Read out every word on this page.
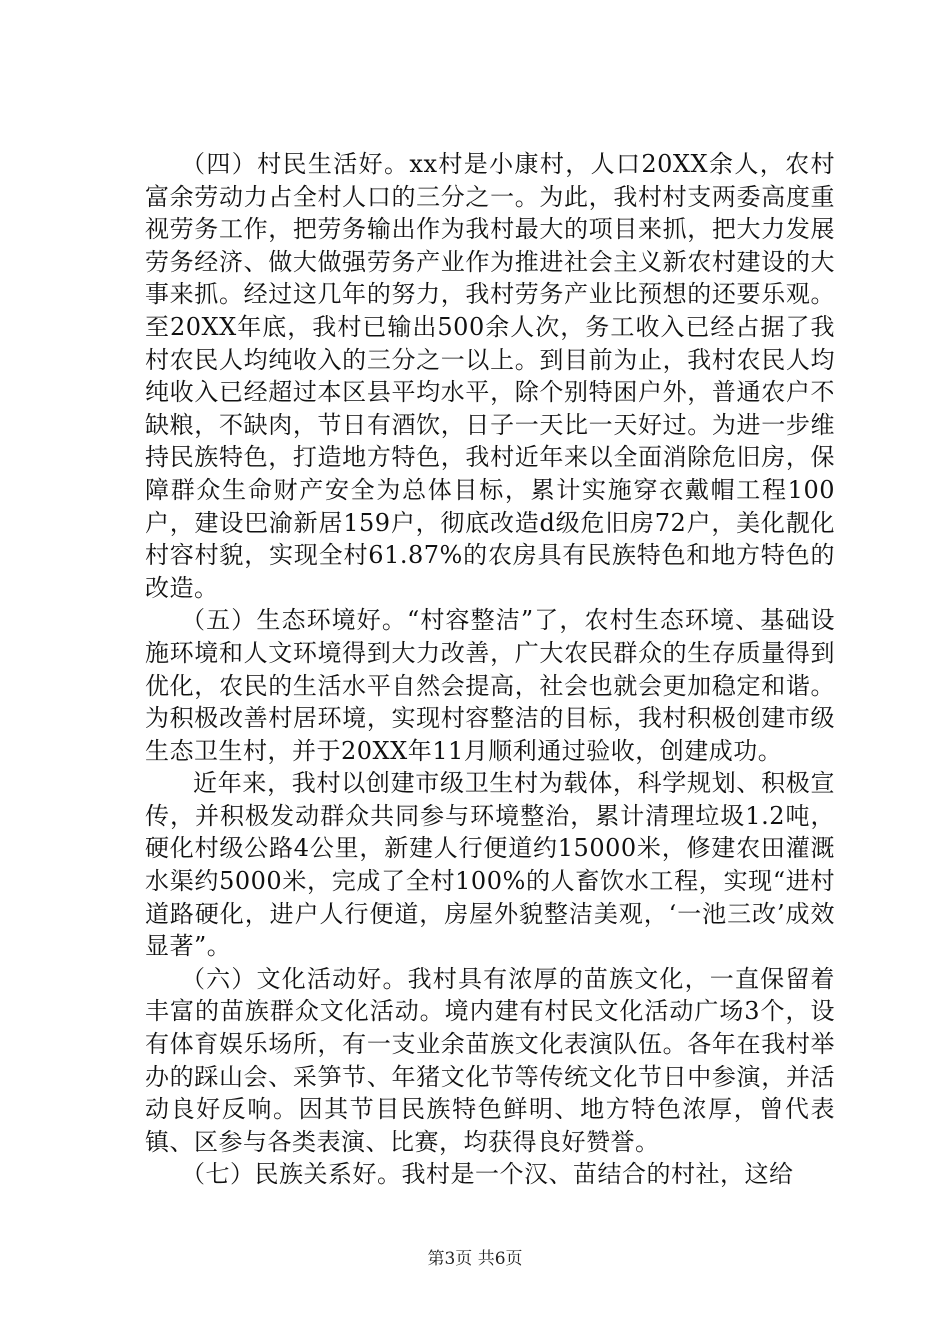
（四）村民生活好。xx村是小康村，人口20XX余人，农村富余劳动力占全村人口的三分之一。为此，我村村支两委高度重视劳务工作，把劳务输出作为我村最大的项目来抓，把大力发展劳务经济、做大做强劳务产业作为推进社会主义新农村建设的大事来抓。经过这几年的努力，我村劳务产业比预想的还要乐观。至20XX年底，我村已输出500余人次，务工收入已经占据了我村农民人均纯收入的三分之一以上。到目前为止，我村农民人均纯收入已经超过本区县平均水平，除个别特困户外，普通农户不缺粮，不缺肉，节日有酒饮，日子一天比一天好过。为进一步维持民族特色，打造地方特色，我村近年来以全面消除危旧房，保障群众生命财产安全为总体目标，累计实施穿衣戴帽工程100户，建设巴渝新居159户，彻底改造d级危旧房72户，美化靓化村容村貌，实现全村61.87%的农房具有民族特色和地方特色的改造。

（五）生态环境好。“村容整洁”了，农村生态环境、基础设施环境和人文环境得到大力改善，广大农民群众的生存质量得到优化，农民的生活水平自然会提高，社会也就会更加稳定和谐。为积极改善村居环境，实现村容整洁的目标，我村积极创建市级生态卫生村，并于20XX年11月顺利通过验收，创建成功。

近年来，我村以创建市级卫生村为载体，科学规划、积极宣传，并积极发动群众共同参与环境整治，累计清理垃圾1.2吨，硬化村级公路4公里，新建人行便道约15000米，修建农田灌溉水渠约5000米，完成了全村100%的人畜饮水工程，实现“进村道路硬化，进户人行便道，房屋外貌整洁美观，‘一池三改’成效显著”。

（六）文化活动好。我村具有浓厚的苗族文化，一直保留着丰富的苗族群众文化活动。境内建有村民文化活动广场3个，设有体育娱乐场所，有一支业余苗族文化表演队伍。各年在我村举办的踩山会、采笋节、年猪文化节等传统文化节日中参演，并活动良好反响。因其节目民族特色鲜明、地方特色浓厚，曾代表镇、区参与各类表演、比赛，均获得良好赞誉。

（七）民族关系好。我村是一个汉、苗结合的村社，这给

第3页 共6页
